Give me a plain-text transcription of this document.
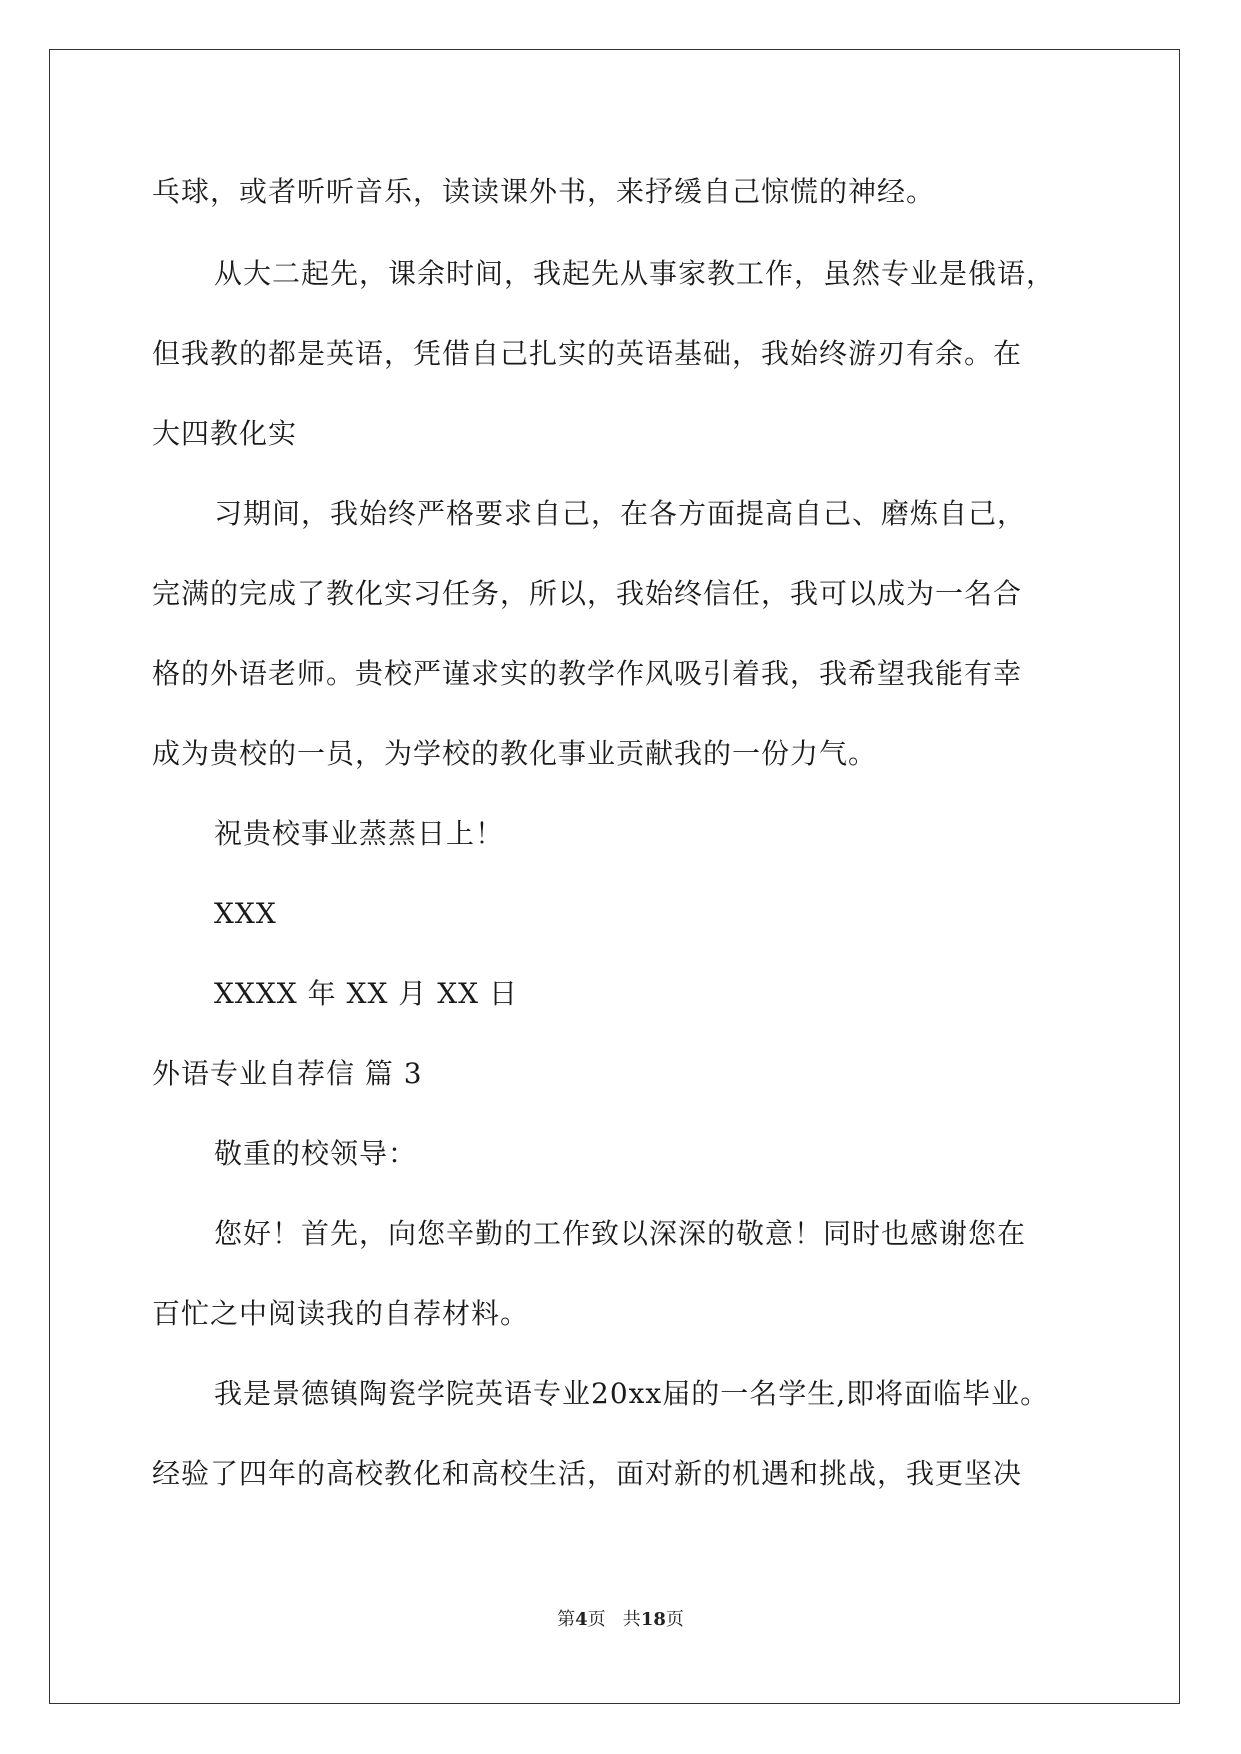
乓球，或者听听音乐，读读课外书，来抒缓自己惊慌的神经。
从大二起先，课余时间，我起先从事家教工作，虽然专业是俄语，
但我教的都是英语，凭借自己扎实的英语基础，我始终游刃有余。在
大四教化实
习期间，我始终严格要求自己，在各方面提高自己、磨炼自己，
完满的完成了教化实习任务，所以，我始终信任，我可以成为一名合
格的外语老师。贵校严谨求实的教学作风吸引着我，我希望我能有幸
成为贵校的一员，为学校的教化事业贡献我的一份力气。
祝贵校事业蒸蒸日上！
XXX
XXXX 年 XX 月 XX 日
外语专业自荐信 篇 3
敬重的校领导：
您好！首先，向您辛勤的工作致以深深的敬意！同时也感谢您在
百忙之中阅读我的自荐材料。
我是景德镇陶瓷学院英语专业20xx届的一名学生,即将面临毕业。
经验了四年的高校教化和高校生活，面对新的机遇和挑战，我更坚决
第4页   共18页
